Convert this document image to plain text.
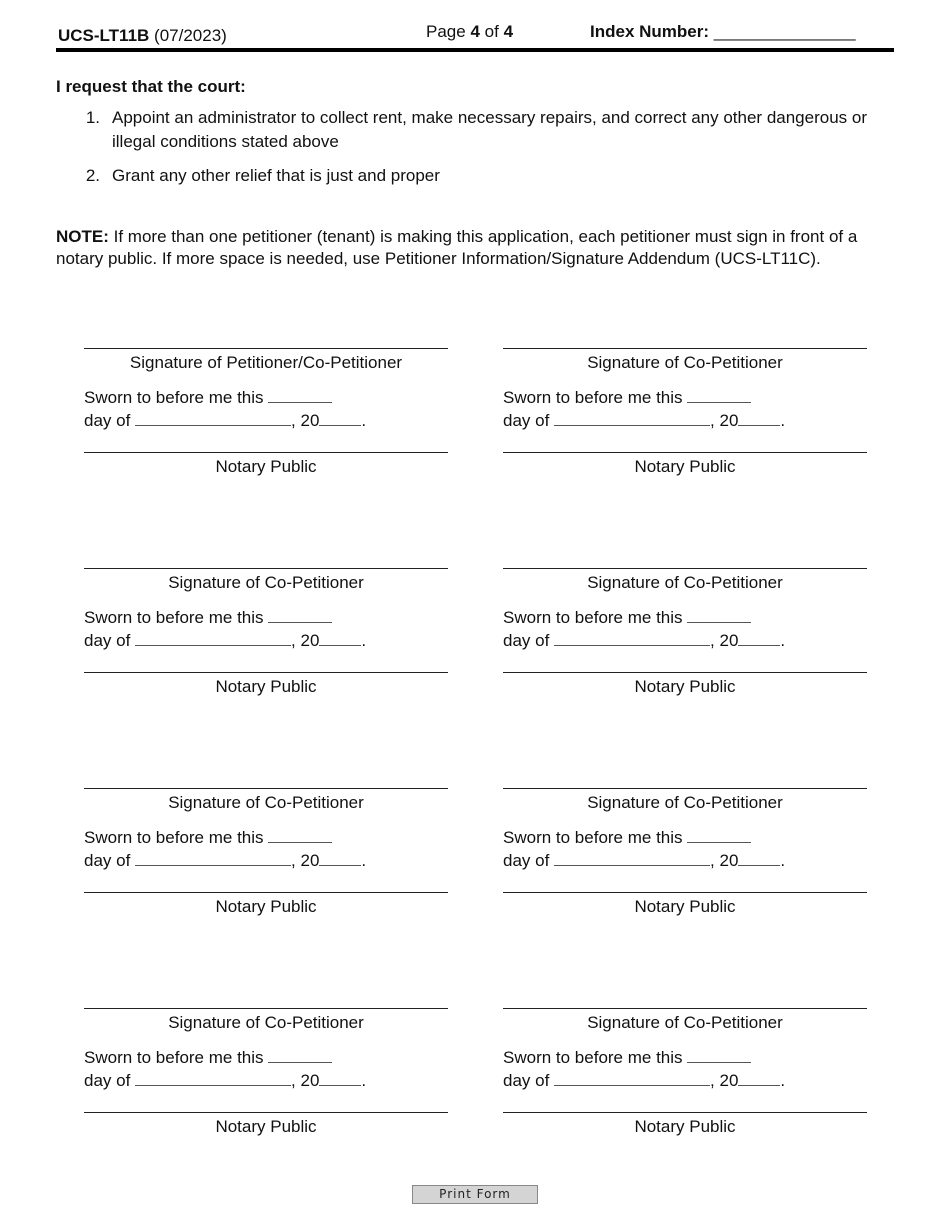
UCS-LT11B (07/2023)	Page 4 of 4	Index Number: _______________
I request that the court:
1. Appoint an administrator to collect rent, make necessary repairs, and correct any other dangerous or illegal conditions stated above
2. Grant any other relief that is just and proper
NOTE: If more than one petitioner (tenant) is making this application, each petitioner must sign in front of a notary public. If more space is needed, use Petitioner Information/Signature Addendum (UCS-LT11C).
Signature of Petitioner/Co-Petitioner
Sworn to before me this
day of	, 20 .
Notary Public
Signature of Co-Petitioner
Sworn to before me this
day of	, 20 .
Notary Public
Signature of Co-Petitioner
Sworn to before me this
day of	, 20 .
Notary Public
Signature of Co-Petitioner
Sworn to before me this
day of	, 20 .
Notary Public
Signature of Co-Petitioner
Sworn to before me this
day of	, 20 .
Notary Public
Signature of Co-Petitioner
Sworn to before me this
day of	, 20 .
Notary Public
Signature of Co-Petitioner
Sworn to before me this
day of	, 20 .
Notary Public
Signature of Co-Petitioner
Sworn to before me this
day of	, 20 .
Notary Public
Print Form
